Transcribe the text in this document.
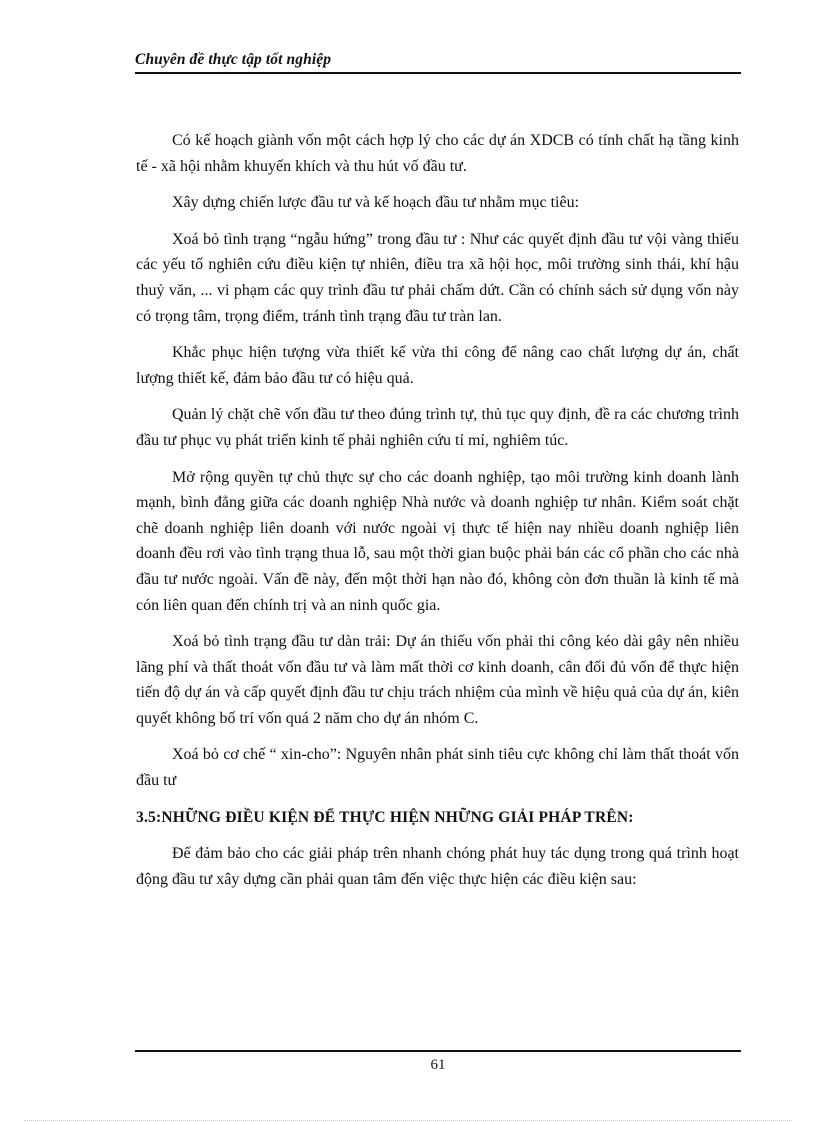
Chuyên đề thực tập tốt nghiệp

Có kế hoạch giành vốn một cách hợp lý cho các dự án XDCB có tính chất hạ tầng kinh tế - xã hội nhằm khuyến khích và thu hút vố đầu tư.

Xây dựng chiến lược đầu tư và kế hoạch đầu tư nhằm mục tiêu:

Xoá bỏ tình trạng “ngẫu hứng” trong đầu tư : Như các quyết định đầu tư vội vàng thiếu các yếu tố nghiên cứu điều kiện tự nhiên, điều tra xã hội học, môi trường sinh thái, khí hậu thuỷ văn, ... vi phạm các quy trình đầu tư phải chấm dứt. Cần có chính sách sử dụng vốn này có trọng tâm, trọng điểm, tránh tình trạng đầu tư tràn lan.

Khắc phục hiện tượng vừa thiết kế vừa thi công để nâng cao chất lượng dự án, chất lượng thiết kế, đảm bảo đầu tư có hiệu quả.

Quản lý chặt chẽ vốn đầu tư theo đúng trình tự, thủ tục quy định, đề ra các chương trình đầu tư phục vụ phát triển kinh tế phải nghiên cứu tỉ mỉ, nghiêm túc.

Mở rộng quyền tự chủ thực sự cho các doanh nghiệp, tạo môi trường kinh doanh lành mạnh, bình đẳng giữa các doanh nghiệp Nhà nước và doanh nghiệp tư nhân. Kiểm soát chặt chẽ doanh nghiệp liên doanh với nước ngoài vị thực tế hiện nay nhiều doanh nghiệp liên doanh đều rơi vào tình trạng thua lỗ, sau một thời gian buộc phải bán các cổ phần cho các nhà đầu tư nước ngoài. Vấn đề này, đến một thời hạn nào đó, không còn đơn thuần là kinh tế mà cón liên quan đến chính trị và an ninh quốc gia.

Xoá bỏ tình trạng đầu tư dàn trải: Dự án thiếu vốn phải thi công kéo dài gây nên nhiều lãng phí và thất thoát vốn đầu tư và làm mất thời cơ kinh doanh, cân đối đủ vốn để thực hiện tiến độ dự án và cấp quyết định đầu tư chịu trách nhiệm của mình về hiệu quả của dự án, kiên quyết không bố trí vốn quá 2 năm cho dự án nhóm C.

Xoá bỏ cơ chế “ xin-cho”: Nguyên nhân phát sinh tiêu cực không chỉ làm thất thoát vốn đầu tư

3.5:NHỮNG ĐIỀU KIỆN ĐỂ THỰC HIỆN NHỮNG GIẢI PHÁP TRÊN:

Để đảm bảo cho các giải pháp trên nhanh chóng phát huy tác dụng trong quá trình hoạt động đầu tư xây dựng cần phải quan tâm đến việc thực hiện các điều kiện sau:

61
